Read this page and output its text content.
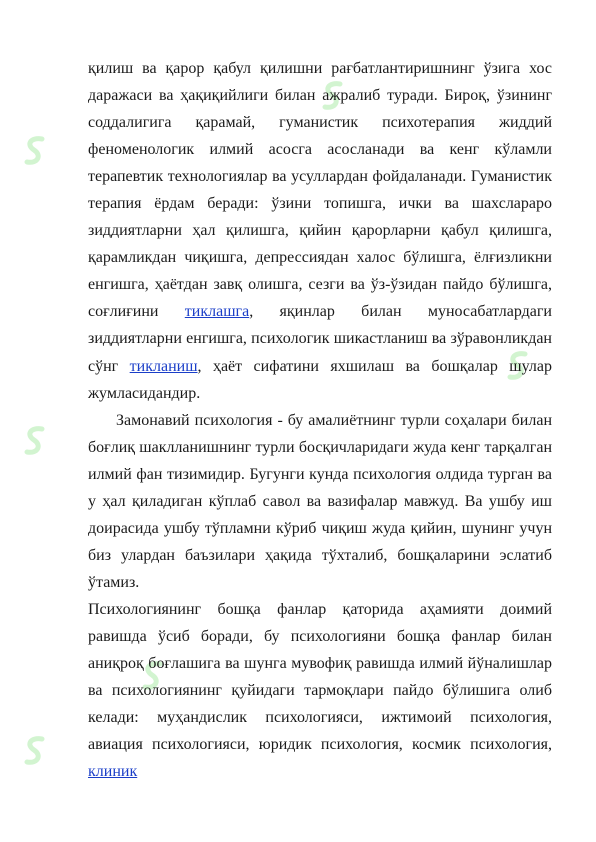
қилиш ва қарор қабул қилишни рағбатлантиришнинг ўзига хос даражаси ва ҳақиқийлиги билан ажралиб туради. Бироқ, ўзининг соддалигига қарамай, гуманистик психотерапия жиддий феноменологик илмий асосга асосланади ва кенг кўламли терапевтик технологиялар ва усуллардан фойдаланади. Гуманистик терапия ёрдам беради: ўзини топишга, ички ва шахслараро зиддиятларни ҳал қилишга, қийин қарорларни қабул қилишга, қарамликдан чиқишга, депрессиядан халос бўлишга, ёлғизликни енгишга, ҳаётдан завқ олишга, сезги ва ўз-ўзидан пайдо бўлишга, соғлиғини тиклашга, яқинлар билан муносабатлардаги зиддиятларни енгишга, психологик шикастланиш ва зўравонликдан сўнг тикланиш, ҳаёт сифатини яхшилаш ва бошқалар шулар жумласидандир.

Замонавий психология - бу амалиётнинг турли соҳалари билан боғлиқ шаклланишнинг турли босқичларидаги жуда кенг тарқалган илмий фан тизимидир. Бугунги кунда психология олдида турган ва у ҳал қиладиган кўплаб савол ва вазифалар мавжуд. Ва ушбу иш доирасида ушбу тўпламни кўриб чиқиш жуда қийин, шунинг учун биз улардан баъзилари ҳақида тўхталиб, бошқаларини эслатиб ўтамиз.

Психологиянинг бошқа фанлар қаторида аҳамияти доимий равишда ўсиб боради, бу психологияни бошқа фанлар билан аниқроқ боғлашига ва шунга мувофиқ равишда илмий йўналишлар ва психологиянинг қуйидаги тармоқлари пайдо бўлишига олиб келади: муҳандислик психологияси, ижтимоий психология, авиация психологияси, юридик психология, космик психология, клиник
